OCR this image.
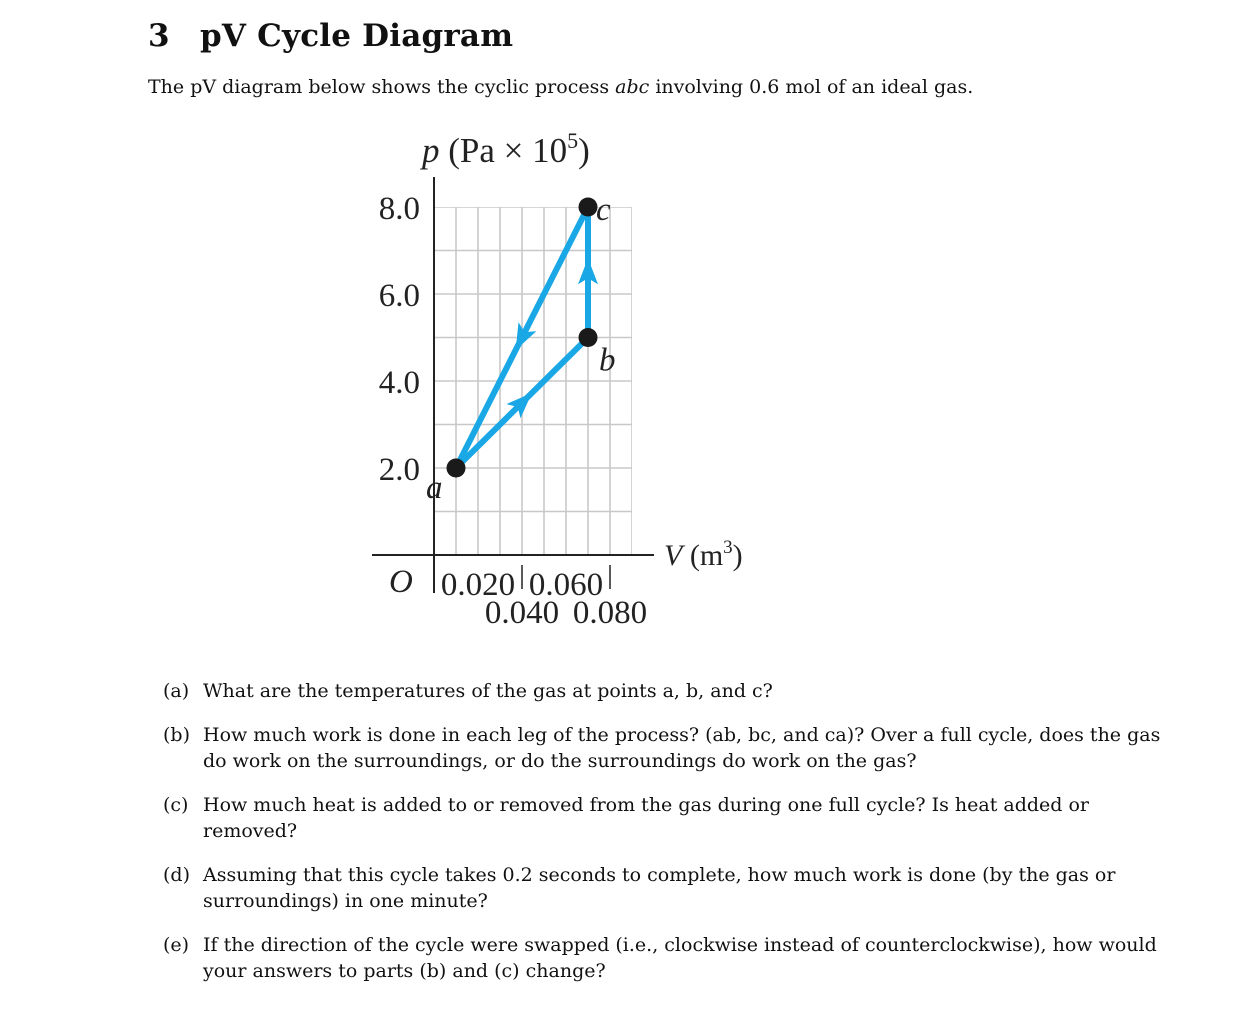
3 pV Cycle Diagram
The pV diagram below shows the cyclic process abc involving 0.6 mol of an ideal gas.
p $(Pa \times 10^5)$
V $(m^3)$
O
2.0
4.0
6.0
8.0
0.020
0.040
0.060
0.080
a
b
c
(a) What are the temperatures of the gas at points a, b, and c?
(b) How much work is done in each leg of the process? (ab, bc, and ca)? Over a full cycle, does the gas do work on the surroundings, or do the surroundings do work on the gas?
(c) How much heat is added to or removed from the gas during one full cycle? Is heat added or removed?
(d) Assuming that this cycle takes 0.2 seconds to complete, how much work is done (by the gas or surroundings) in one minute?
(e) If the direction of the cycle were swapped (i.e., clockwise instead of counterclockwise), how would your answers to parts (b) and (c) change?
